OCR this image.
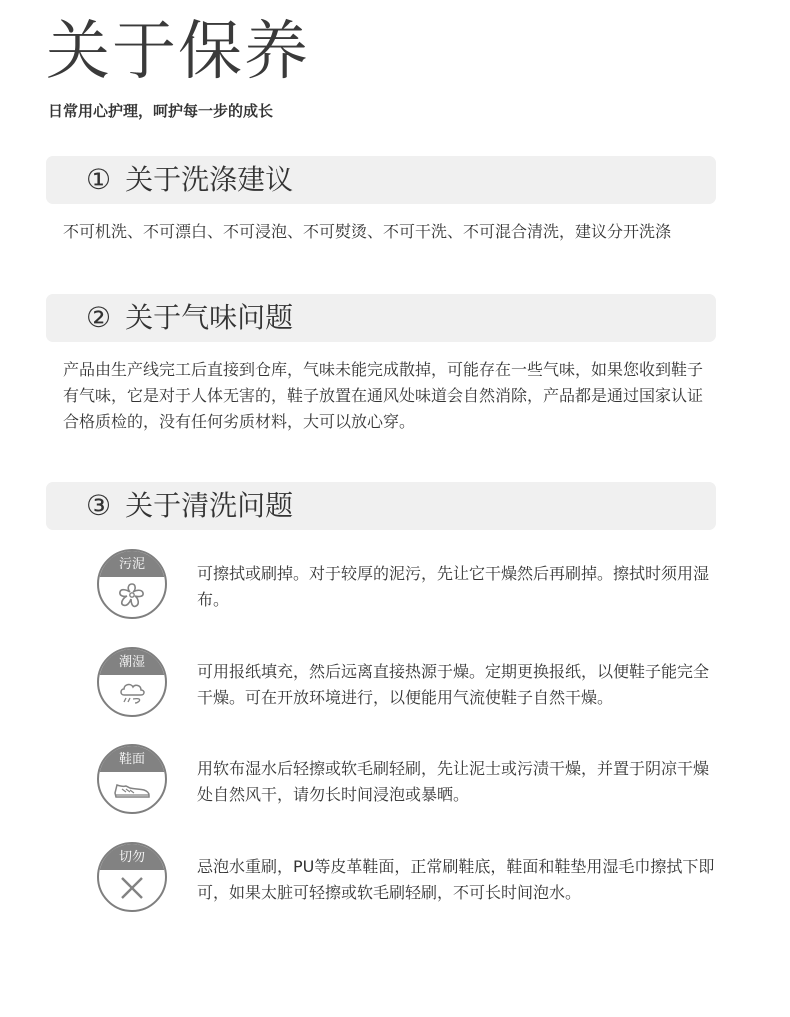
关于保养
日常用心护理，呵护每一步的成长
① 关于洗涤建议
不可机洗、不可漂白、不可浸泡、不可熨烫、不可干洗、不可混合清洗，建议分开洗涤
② 关于气味问题
产品由生产线完工后直接到仓库，气味未能完成散掉，可能存在一些气味，如果您收到鞋子有气味，它是对于人体无害的，鞋子放置在通风处味道会自然消除，产品都是通过国家认证合格质检的，没有任何劣质材料，大可以放心穿。
③ 关于清洗问题
污泥	可擦拭或刷掉。对于较厚的泥污，先让它干燥然后再刷掉。擦拭时须用湿布。
潮湿	可用报纸填充，然后远离直接热源于燥。定期更换报纸，以便鞋子能完全干燥。可在开放环境进行，以便能用气流使鞋子自然干燥。
鞋面	用软布湿水后轻擦或软毛刷轻刷，先让泥士或污渍干燥，并置于阴凉干燥处自然风干，请勿长时间浸泡或暴晒。
切勿	忌泡水重刷，PU等皮革鞋面，正常刷鞋底，鞋面和鞋垫用湿毛巾擦拭下即可，如果太脏可轻擦或软毛刷轻刷，不可长时间泡水。
